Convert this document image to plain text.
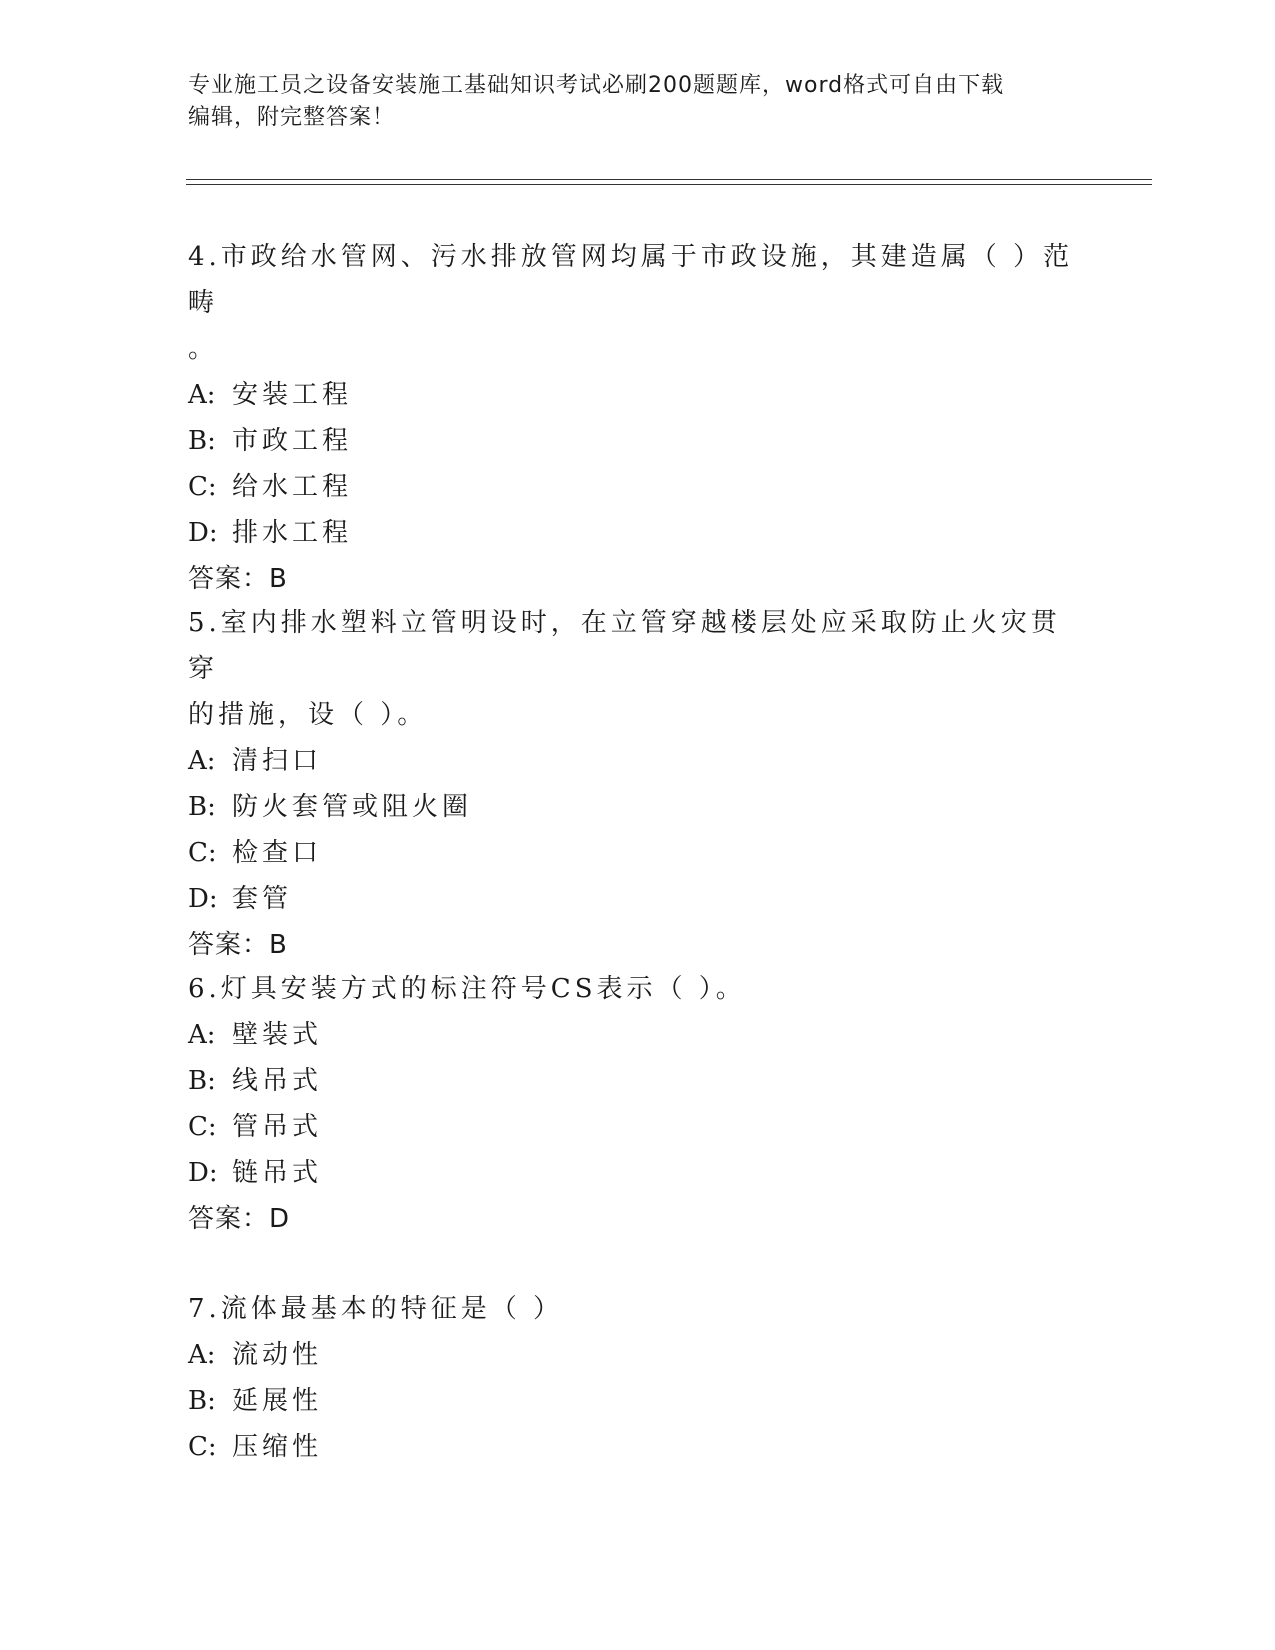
专业施工员之设备安装施工基础知识考试必刷200题题库，word格式可自由下载
编辑，附完整答案！
4.市政给水管网、污水排放管网均属于市政设施，其建造属（ ）范畴
。
A: 安装工程
B: 市政工程
C: 给水工程
D: 排水工程
答案：B
5.室内排水塑料立管明设时，在立管穿越楼层处应采取防止火灾贯穿
的措施，设（ ）。
A: 清扫口
B: 防火套管或阻火圈
C: 检查口
D: 套管
答案：B
6.灯具安装方式的标注符号CS表示（ ）。
A: 壁装式
B: 线吊式
C: 管吊式
D: 链吊式
答案：D
7.流体最基本的特征是（ ）
A: 流动性
B: 延展性
C: 压缩性
